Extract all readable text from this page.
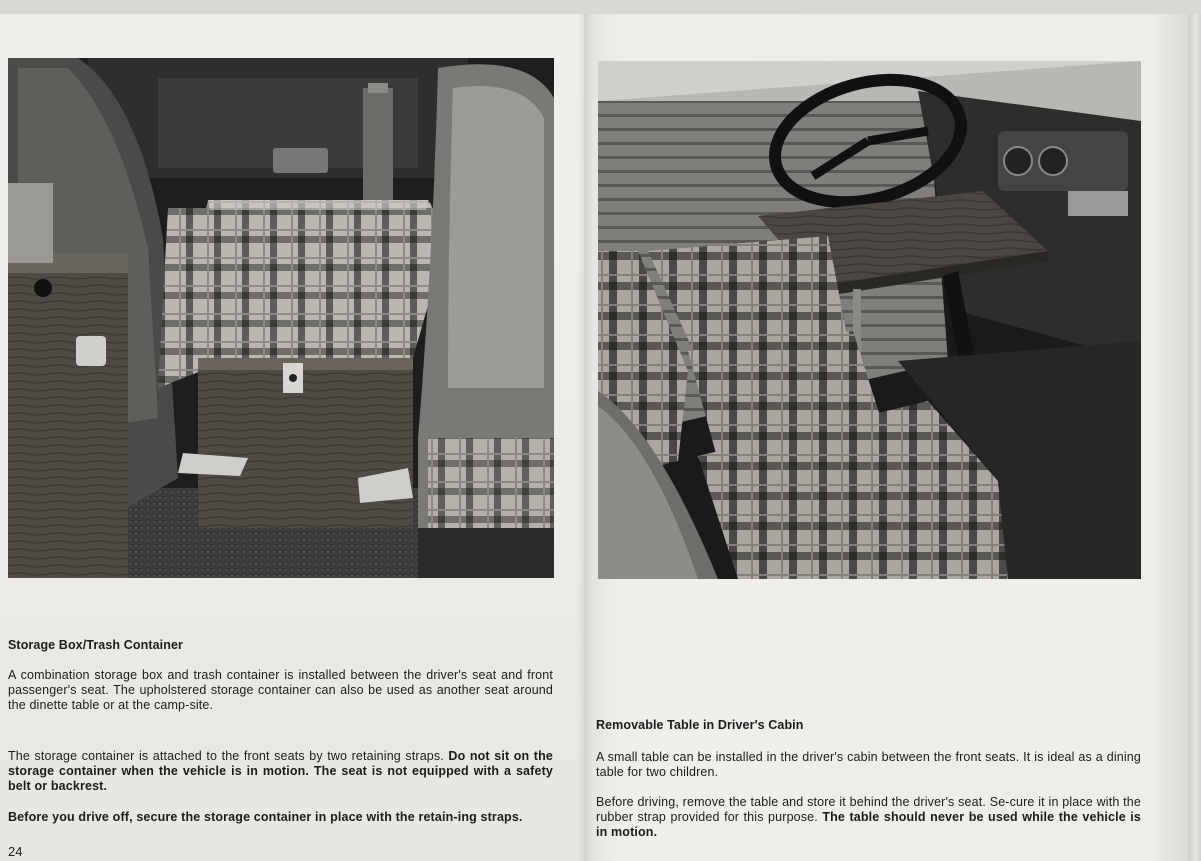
Storage Box/Trash Container
A combination storage box and trash container is installed between the driver's seat and front passenger's seat. The upholstered storage container can also be used as another seat around the dinette table or at the camp-site.
The storage container is attached to the front seats by two retaining straps. Do not sit on the storage container when the vehicle is in motion. The seat is not equipped with a safety belt or backrest.
Before you drive off, secure the storage container in place with the retain-ing straps.
24
Removable Table in Driver's Cabin
A small table can be installed in the driver's cabin between the front seats. It is ideal as a dining table for two children.
Before driving, remove the table and store it behind the driver's seat. Se-cure it in place with the rubber strap provided for this purpose. The table should never be used while the vehicle is in motion.
